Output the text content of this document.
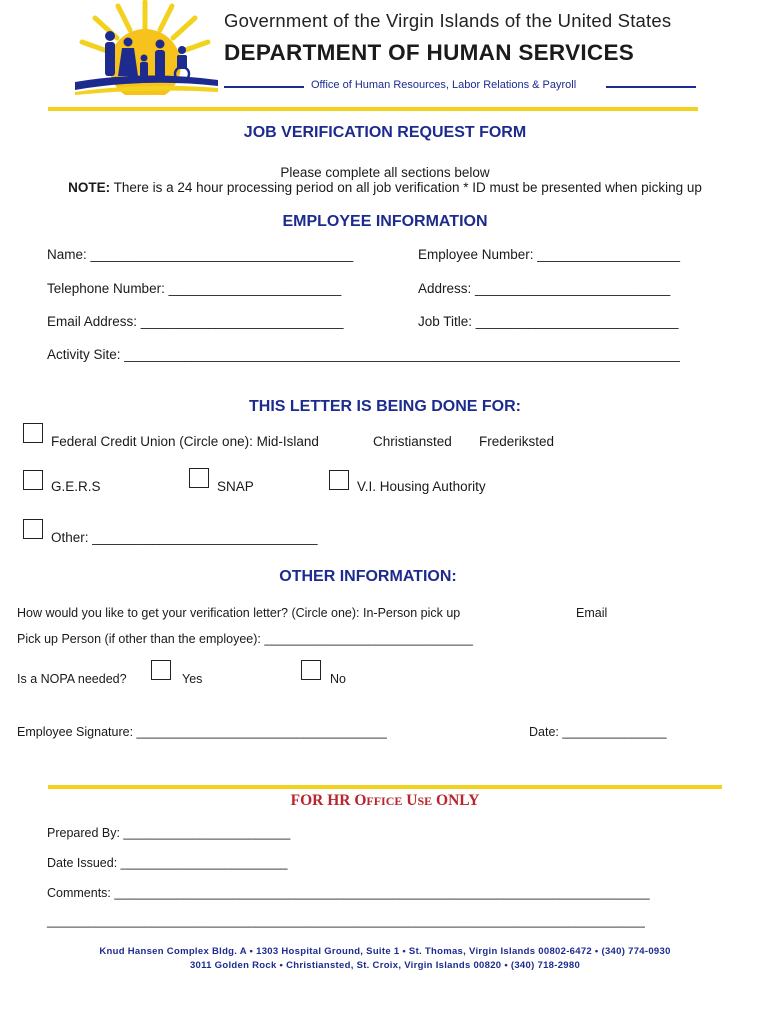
Government of the Virgin Islands of the United States
DEPARTMENT OF HUMAN SERVICES
Office of Human Resources, Labor Relations & Payroll
JOB VERIFICATION REQUEST FORM
Please complete all sections below
NOTE: There is a 24 hour processing period on all job verification * ID must be presented when picking up
EMPLOYEE INFORMATION
Name: ___________________________________	Employee Number: ___________________
Telephone Number: _______________________	Address: __________________________
Email Address: ___________________________	Job Title: ___________________________
Activity Site: __________________________________________________________________________
THIS LETTER IS BEING DONE FOR:
Federal Credit Union (Circle one): Mid-Island	Christiansted Frederiksted
G.E.R.S	SNAP	V.I. Housing Authority
Other: ______________________________
OTHER INFORMATION:
How would you like to get your verification letter? (Circle one): In-Person pick up	Email
Pick up Person (if other than the employee): ______________________________
Is a NOPA needed?	Yes	No
Employee Signature: ____________________________________	Date: _______________
FOR HR OFFICE USE ONLY
Prepared By: ________________________
Date Issued: ________________________
Comments: _____________________________________________________________________________
______________________________________________________________________________________
Knud Hansen Complex Bldg. A • 1303 Hospital Ground, Suite 1 • St. Thomas, Virgin Islands 00802-6472 • (340) 774-0930
3011 Golden Rock • Christiansted, St. Croix, Virgin Islands 00820 • (340) 718-2980
